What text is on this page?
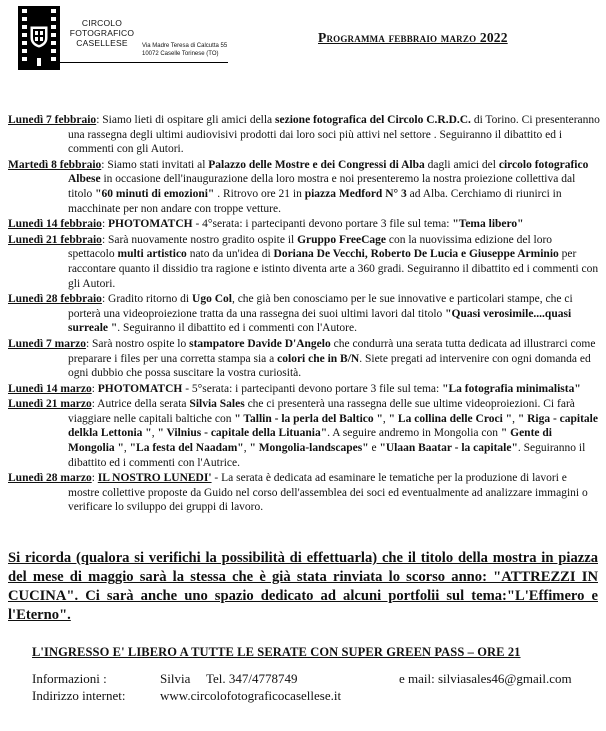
CIRCOLO
FOTOGRAFICO
CASELLESE	Via Madre Teresa di Calcutta 55
10072 Caselle Torinese (TO)
Programma febbraio marzo 2022
Lunedì 7 febbraio: Siamo lieti di ospitare gli amici della sezione fotografica del Circolo C.R.D.C. di Torino. Ci presenteranno una rassegna degli ultimi audiovisivi prodotti dai loro soci più attivi nel settore . Seguiranno il dibattito ed i commenti con gli Autori.
Martedì 8 febbraio: Siamo stati invitati al Palazzo delle Mostre e dei Congressi di Alba dagli amici del circolo fotografico Albese in occasione dell'inaugurazione della loro mostra e noi presenteremo la nostra proiezione collettiva dal titolo "60 minuti di emozioni" . Ritrovo ore 21 in piazza Medford N° 3 ad Alba. Cerchiamo di riunirci in macchinate per non andare con troppe vetture.
Lunedì 14 febbraio: PHOTOMATCH - 4°serata: i partecipanti devono portare 3 file sul tema: "Tema libero"
Lunedì 21 febbraio: Sarà nuovamente nostro gradito ospite il Gruppo FreeCage con la nuovissima edizione del loro spettacolo multi artistico nato da un'idea di Doriana De Vecchi, Roberto De Lucia e Giuseppe Arminio per raccontare quanto il dissidio tra ragione e istinto diventa arte a 360 gradi. Seguiranno il dibattito ed i commenti con gli Autori.
Lunedì 28 febbraio: Gradito ritorno di Ugo Col, che già ben conosciamo per le sue innovative e particolari stampe, che ci porterà una videoproiezione tratta da una rassegna dei suoi ultimi lavori dal titolo "Quasi verosimile....quasi surreale ". Seguiranno il dibattito ed i commenti con l'Autore.
Lunedì 7 marzo: Sarà nostro ospite lo stampatore Davide D'Angelo che condurrà una serata tutta dedicata ad illustrarci come preparare i files per una corretta stampa sia a colori che in B/N. Siete pregati ad intervenire con ogni domanda ed ogni dubbio che possa suscitare la vostra curiosità.
Lunedì 14 marzo: PHOTOMATCH - 5°serata: i partecipanti devono portare 3 file sul tema: "La fotografia minimalista"
Lunedì 21 marzo: Autrice della serata Silvia Sales che ci presenterà una rassegna delle sue ultime videoproiezioni. Ci farà viaggiare nelle capitali baltiche con " Tallin - la perla del Baltico ", " La collina delle Croci ", " Riga - capitale delkla Lettonia ", " Vilnius - capitale della Lituania". A seguire andremo in Mongolia con " Gente di Mongolia ", "La festa del Naadam", " Mongolia-landscapes" e "Ulaan Baatar - la capitale". Seguiranno il dibattito ed i commenti con l'Autrice.
Lunedì 28 marzo: IL NOSTRO LUNEDI' - La serata è dedicata ad esaminare le tematiche per la produzione di lavori e mostre collettive proposte da Guido nel corso dell'assemblea dei soci ed eventualmente ad analizzare immagini o verificare lo sviluppo dei gruppi di lavoro.
Si ricorda (qualora si verifichi la possibilità di effettuarla) che il titolo della mostra in piazza del mese di maggio sarà la stessa che è già stata rinviata lo scorso anno: "ATTREZZI IN CUCINA". Ci sarà anche uno spazio dedicato ad alcuni portfolii sul tema:"L'Effimero e l'Eterno".
L'INGRESSO E' LIBERO A TUTTE LE SERATE CON SUPER GREEN PASS – ORE 21
Informazioni :	Silvia Tel. 347/4778749	e mail: silviasales46@gmail.com
Indirizzo internet:	www.circolofotograficocasellese.it
